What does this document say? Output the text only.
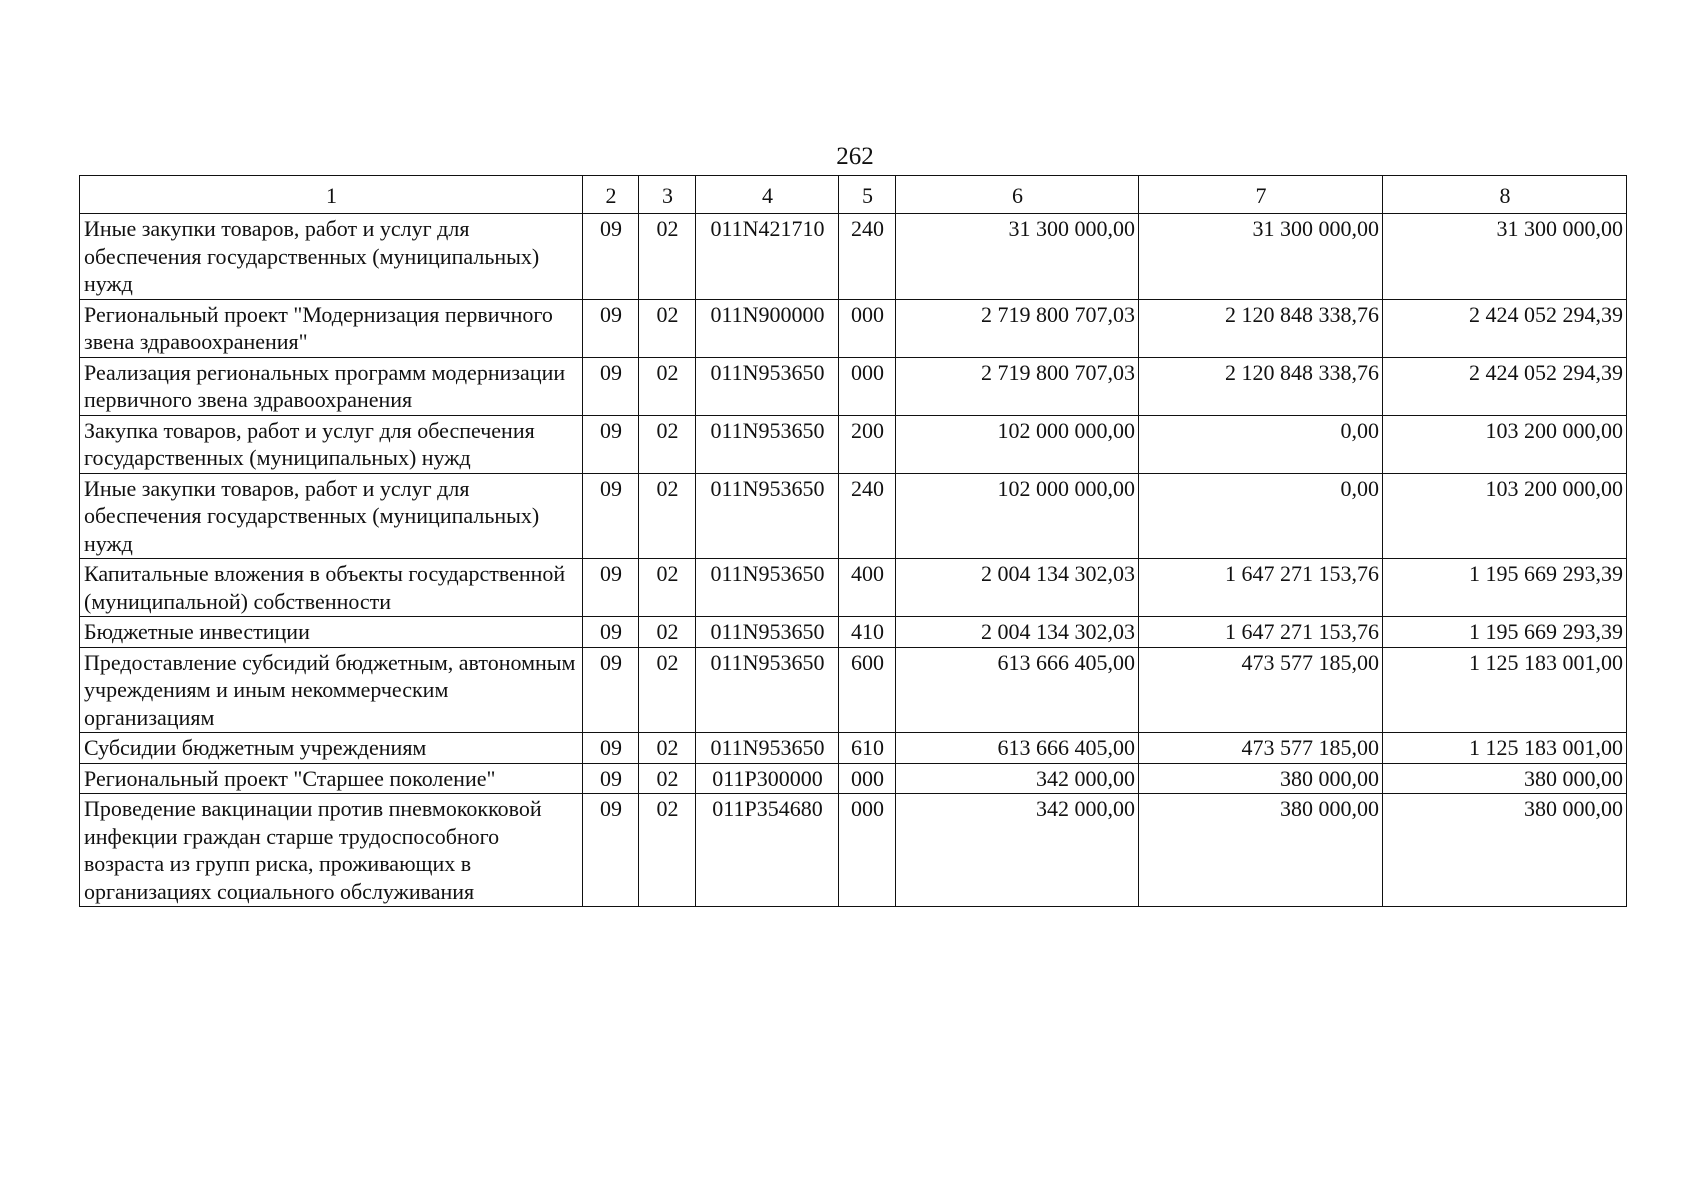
262
1	2	3	4	5	6	7	8
Иные закупки товаров, работ и услуг для обеспечения государственных (муниципальных) нужд	09	02	011N421710	240	31 300 000,00	31 300 000,00	31 300 000,00
Региональный проект "Модернизация первичного звена здравоохранения"	09	02	011N900000	000	2 719 800 707,03	2 120 848 338,76	2 424 052 294,39
Реализация региональных программ модернизации первичного звена здравоохранения	09	02	011N953650	000	2 719 800 707,03	2 120 848 338,76	2 424 052 294,39
Закупка товаров, работ и услуг для обеспечения государственных (муниципальных) нужд	09	02	011N953650	200	102 000 000,00	0,00	103 200 000,00
Иные закупки товаров, работ и услуг для обеспечения государственных (муниципальных) нужд	09	02	011N953650	240	102 000 000,00	0,00	103 200 000,00
Капитальные вложения в объекты государственной (муниципальной) собственности	09	02	011N953650	400	2 004 134 302,03	1 647 271 153,76	1 195 669 293,39
Бюджетные инвестиции	09	02	011N953650	410	2 004 134 302,03	1 647 271 153,76	1 195 669 293,39
Предоставление субсидий бюджетным, автономным учреждениям и иным некоммерческим организациям	09	02	011N953650	600	613 666 405,00	473 577 185,00	1 125 183 001,00
Субсидии бюджетным учреждениям	09	02	011N953650	610	613 666 405,00	473 577 185,00	1 125 183 001,00
Региональный проект "Старшее поколение"	09	02	011P300000	000	342 000,00	380 000,00	380 000,00
Проведение вакцинации против пневмококковой инфекции граждан старше трудоспособного возраста из групп риска, проживающих в организациях социального обслуживания	09	02	011P354680	000	342 000,00	380 000,00	380 000,00
